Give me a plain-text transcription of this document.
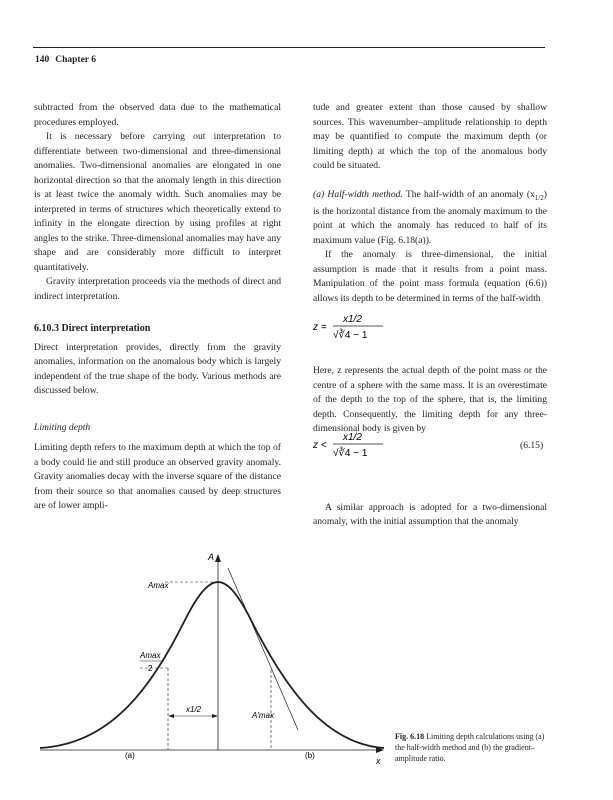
140 Chapter 6

subtracted from the observed data due to the mathematical procedures employed.

It is necessary before carrying out interpretation to differentiate between two-dimensional and three-dimensional anomalies. Two-dimensional anomalies are elongated in one horizontal direction so that the anomaly length in this direction is at least twice the anomaly width. Such anomalies may be interpreted in terms of structures which theoretically extend to infinity in the elongate direction by using profiles at right angles to the strike. Three-dimensional anomalies may have any shape and are considerably more difficult to interpret quantitatively.

Gravity interpretation proceeds via the methods of direct and indirect interpretation.

6.10.3 Direct interpretation

Direct interpretation provides, directly from the gravity anomalies, information on the anomalous body which is largely independent of the true shape of the body. Various methods are discussed below.

Limiting depth

Limiting depth refers to the maximum depth at which the top of a body could lie and still produce an observed gravity anomaly. Gravity anomalies decay with the inverse square of the distance from their source so that anomalies caused by deep structures are of lower ampli-

tude and greater extent than those caused by shallow sources. This wavenumber–amplitude relationship to depth may be quantified to compute the maximum depth (or limiting depth) at which the top of the anomalous body could be situated.

(a) Half-width method. The half-width of an anomaly $(x_{1/2})$ is the horizontal distance from the anomaly maximum to the point at which the anomaly has reduced to half of its maximum value (Fig. 6.18(a)).

If the anomaly is three-dimensional, the initial assumption is made that it results from a point mass. Manipulation of the point mass formula (equation (6.6)) allows its depth to be determined in terms of the half-width

Here, z represents the actual depth of the point mass or the centre of a sphere with the same mass. It is an overestimate of the depth to the top of the sphere, that is, the limiting depth. Consequently, the limiting depth for any three-dimensional body is given by

A similar approach is adopted for a two-dimensional anomaly, with the initial assumption that the anomaly

z =
x1/2
√∛4 − 1
z <
x1/2
√∛4 − 1
(6.15)
A
x
Amax
Amax
2
x1/2
A'max
(a)	(b)
Fig. 6.18 Limiting depth calculations using (a) the half-width method and (b) the gradient–amplitude ratio.
